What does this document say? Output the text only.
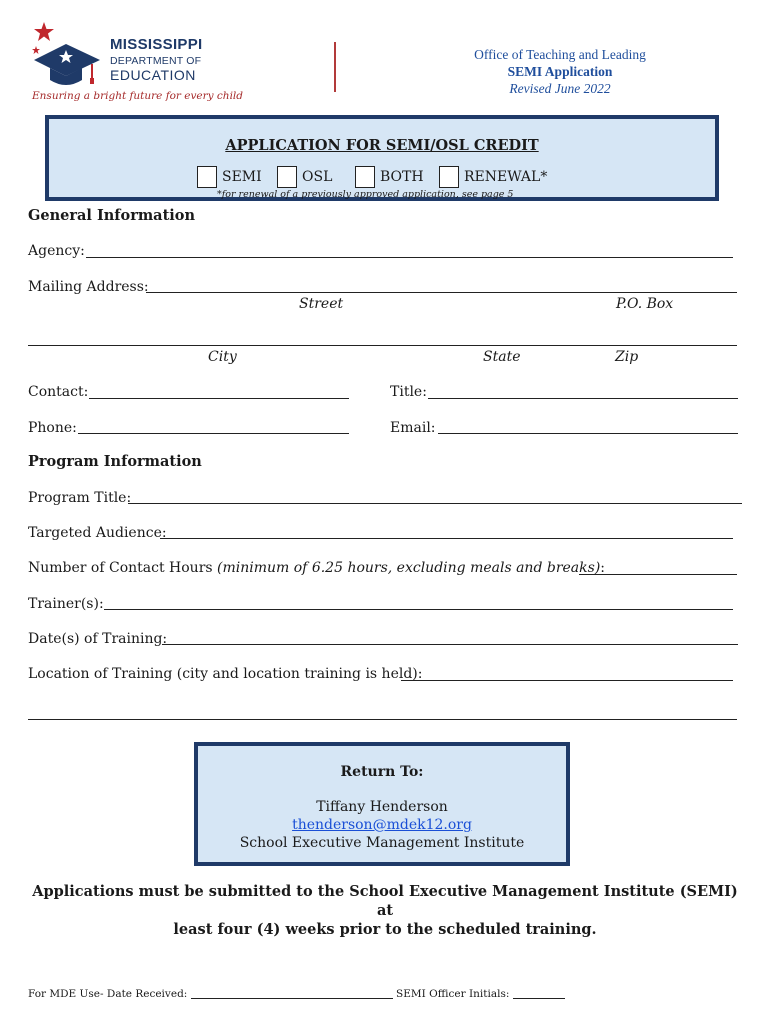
MISSISSIPPI
DEPARTMENT OF
EDUCATION
Ensuring a bright future for every child
Office of Teaching and Leading
SEMI Application
Revised June 2022
APPLICATION FOR SEMI/OSL CREDIT
SEMI	OSL	BOTH	RENEWAL*
*for renewal of a previously approved application, see page 5
General Information
Agency:
Mailing Address:
Street	P.O. Box
City	State	Zip
Contact:	Title:
Phone:	Email:
Program Information
Program Title:
Targeted Audience:
Number of Contact Hours (minimum of 6.25 hours, excluding meals and breaks):
Trainer(s):
Date(s) of Training:
Location of Training (city and location training is held):
Return To:
Tiffany Henderson
thenderson@mdek12.org
School Executive Management Institute
Applications must be submitted to the School Executive Management Institute (SEMI) at
least four (4) weeks prior to the scheduled training.
For MDE Use- Date Received:	SEMI Officer Initials:
